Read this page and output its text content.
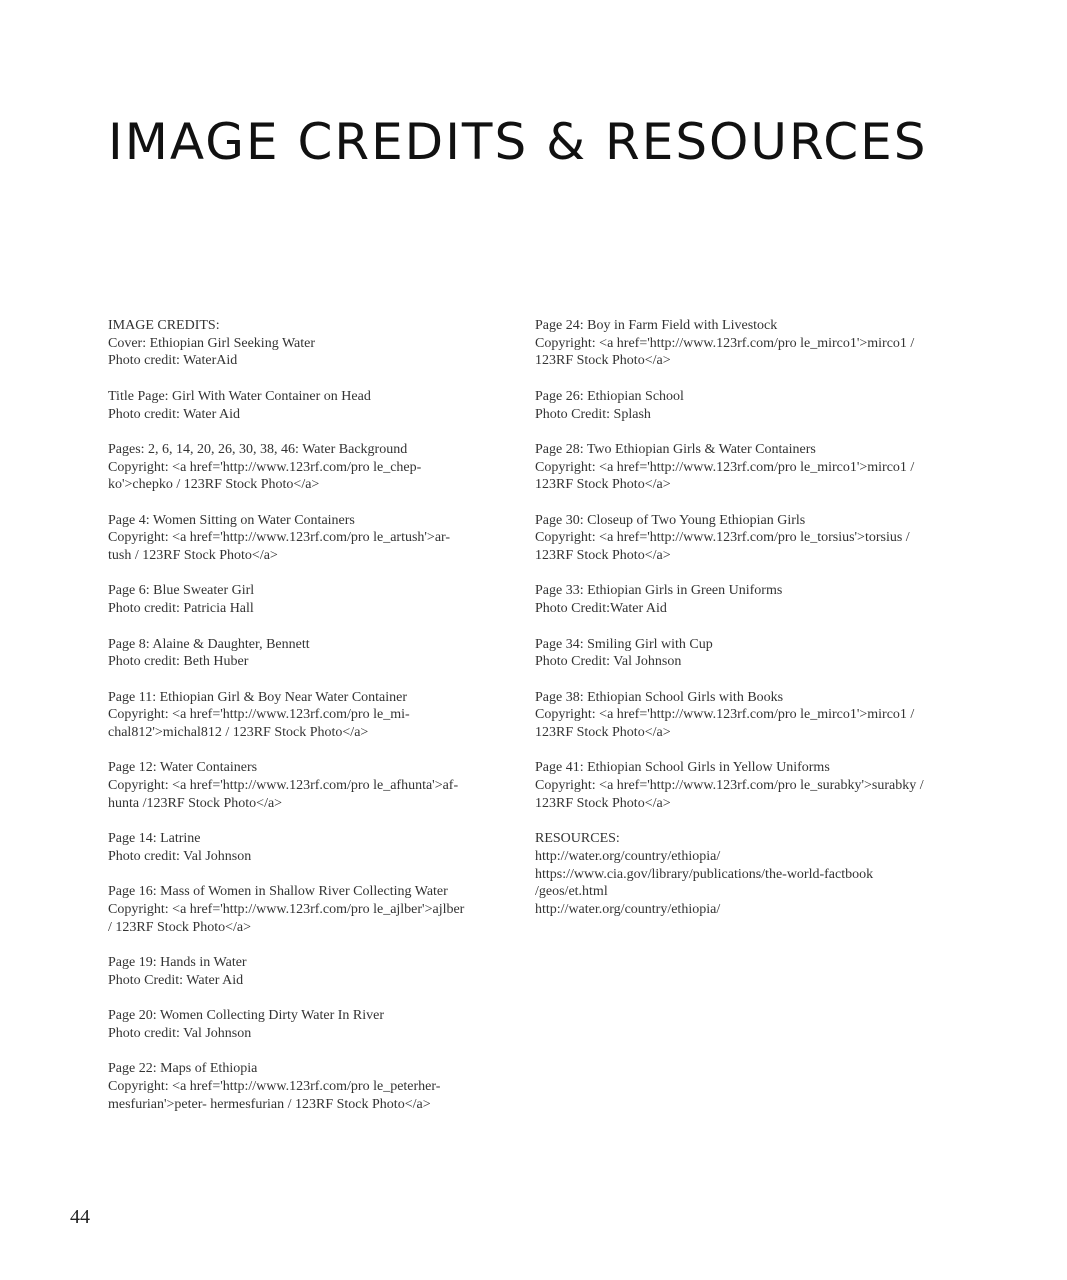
IMAGE CREDITS & RESOURCES
IMAGE CREDITS:
Cover: Ethiopian Girl Seeking Water
Photo credit: WaterAid
Title Page: Girl With Water Container on Head
Photo credit: Water Aid
Pages: 2, 6, 14, 20, 26, 30, 38, 46: Water Background
Copyright: <a href='http://www.123rf.com/pro le_chep-
ko'>chepko / 123RF Stock Photo</a>
Page 4: Women Sitting on Water Containers
Copyright: <a href='http://www.123rf.com/pro le_artush'>ar-
tush / 123RF Stock Photo</a>
Page 6: Blue Sweater Girl
Photo credit: Patricia Hall
Page 8: Alaine & Daughter, Bennett
Photo credit: Beth Huber
Page 11: Ethiopian Girl & Boy Near Water Container
Copyright: <a href='http://www.123rf.com/pro le_mi-
chal812'>michal812 / 123RF Stock Photo</a>
Page 12: Water Containers
Copyright: <a href='http://www.123rf.com/pro le_afhunta'>af-
hunta /123RF Stock Photo</a>
Page 14: Latrine
Photo credit: Val Johnson
Page 16: Mass of Women in Shallow River Collecting Water
Copyright: <a href='http://www.123rf.com/pro le_ajlber'>ajlber
/ 123RF Stock Photo</a>
Page 19: Hands in Water
Photo Credit: Water Aid
Page 20: Women Collecting Dirty Water In River
Photo credit: Val Johnson
Page 22: Maps of Ethiopia
Copyright: <a href='http://www.123rf.com/pro le_peterher-
mesfurian'>peter- hermesfurian / 123RF Stock Photo</a>
Page 24: Boy in Farm Field with Livestock
Copyright: <a href='http://www.123rf.com/pro le_mirco1'>mirco1 /
123RF Stock Photo</a>
Page 26: Ethiopian School
Photo Credit: Splash
Page 28: Two Ethiopian Girls & Water Containers
Copyright: <a href='http://www.123rf.com/pro le_mirco1'>mirco1 /
123RF Stock Photo</a>
Page 30: Closeup of Two Young Ethiopian Girls
Copyright: <a href='http://www.123rf.com/pro le_torsius'>torsius /
123RF Stock Photo</a>
Page 33: Ethiopian Girls in Green Uniforms
Photo Credit:Water Aid
Page 34: Smiling Girl with Cup
Photo Credit: Val Johnson
Page 38: Ethiopian School Girls with Books
Copyright: <a href='http://www.123rf.com/pro le_mirco1'>mirco1 /
123RF Stock Photo</a>
Page 41: Ethiopian School Girls in Yellow Uniforms
Copyright: <a href='http://www.123rf.com/pro le_surabky'>surabky /
123RF Stock Photo</a>
RESOURCES:
http://water.org/country/ethiopia/
https://www.cia.gov/library/publications/the-world-factbook
/geos/et.html
http://water.org/country/ethiopia/
44
